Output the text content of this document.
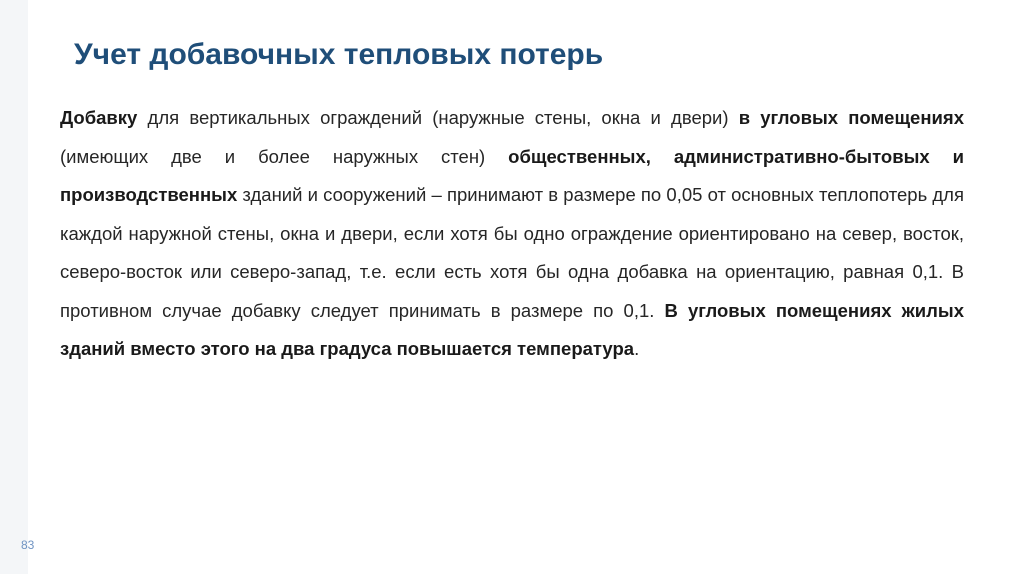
Учет добавочных тепловых потерь

Добавку для вертикальных ограждений (наружные стены, окна и двери) в угловых помещениях (имеющих две и более наружных стен) общественных, административно-бытовых и производственных зданий и сооружений – принимают в размере по 0,05 от основных теплопотерь для каждой наружной стены, окна и двери, если хотя бы одно ограждение ориентировано на север, восток, северо-восток или северо-запад, т.е. если есть хотя бы одна добавка на ориентацию, равная 0,1. В противном случае добавку следует принимать в размере по 0,1. В угловых помещениях жилых зданий вместо этого на два градуса повышается температура.

83
